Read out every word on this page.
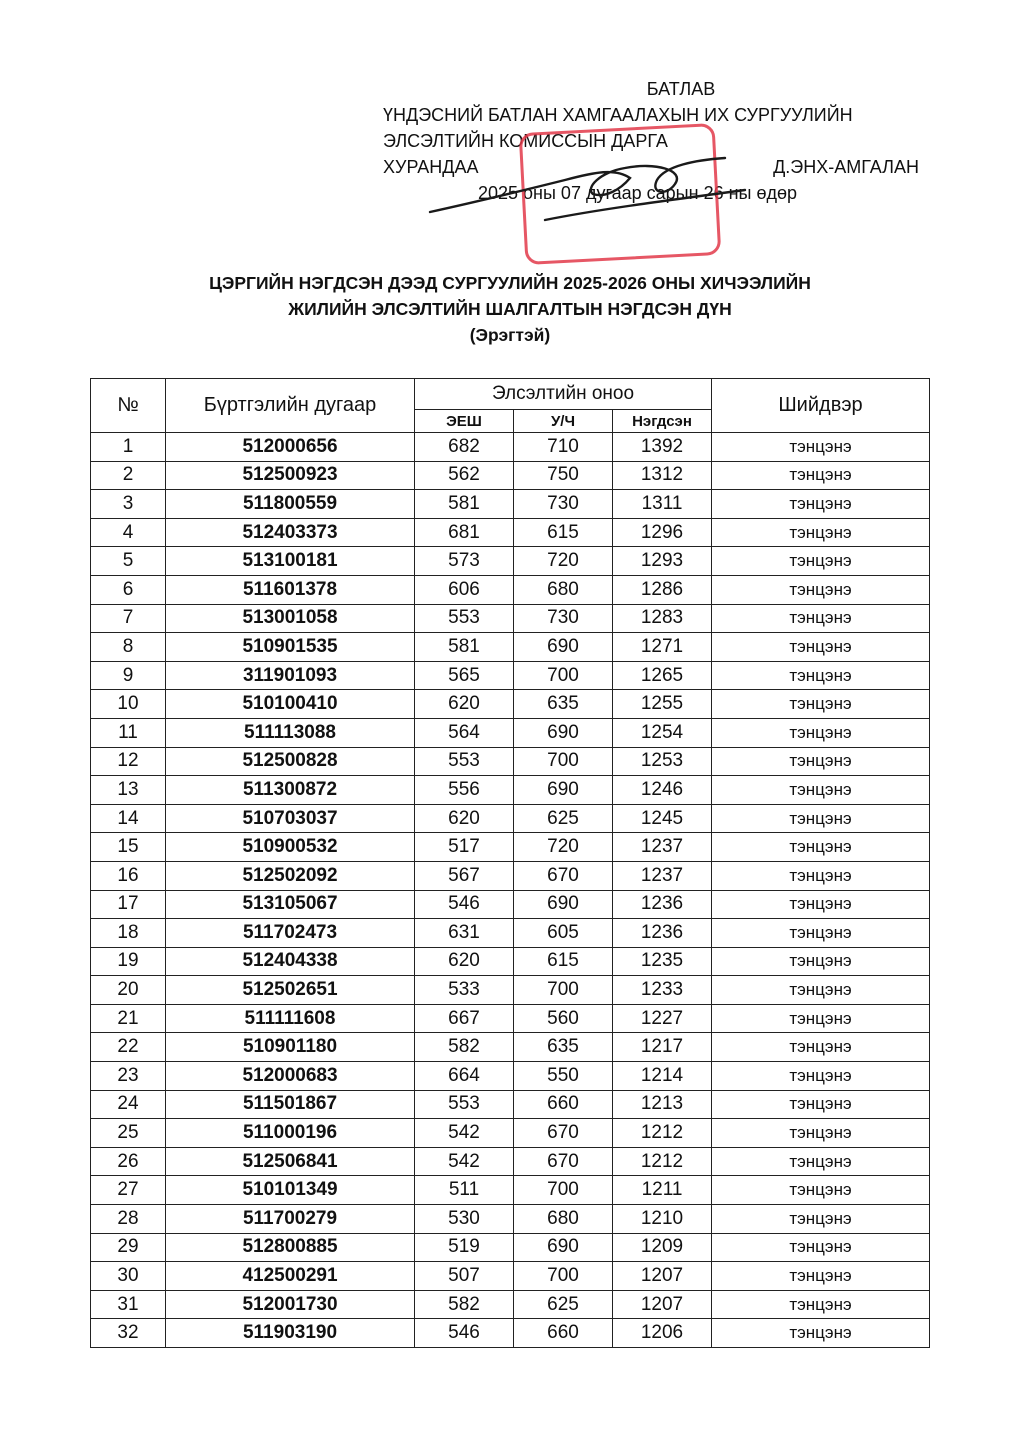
БАТЛАВ
ҮНДЭСНИЙ БАТЛАН ХАМГААЛАХЫН ИХ СУРГУУЛИЙН
ЭЛСЭЛТИЙН КОМИССЫН ДАРГА
ХУРАНДАА	Д.ЭНХ-АМГАЛАН
2025 оны 07 дугаар сарын 26 ны өдөр
ЦЭРГИЙН НЭГДСЭН ДЭЭД СУРГУУЛИЙН 2025-2026 ОНЫ ХИЧЭЭЛИЙН
ЖИЛИЙН ЭЛСЭЛТИЙН ШАЛГАЛТЫН НЭГДСЭН ДҮН
(Эрэгтэй)
№	Бүртгэлийн дугаар	Элсэлтийн оноо			Шийдвэр
		ЭЕШ	У/Ч	Нэгдсэн	
1	512000656	682	710	1392	тэнцэнэ
2	512500923	562	750	1312	тэнцэнэ
3	511800559	581	730	1311	тэнцэнэ
4	512403373	681	615	1296	тэнцэнэ
5	513100181	573	720	1293	тэнцэнэ
6	511601378	606	680	1286	тэнцэнэ
7	513001058	553	730	1283	тэнцэнэ
8	510901535	581	690	1271	тэнцэнэ
9	311901093	565	700	1265	тэнцэнэ
10	510100410	620	635	1255	тэнцэнэ
11	511113088	564	690	1254	тэнцэнэ
12	512500828	553	700	1253	тэнцэнэ
13	511300872	556	690	1246	тэнцэнэ
14	510703037	620	625	1245	тэнцэнэ
15	510900532	517	720	1237	тэнцэнэ
16	512502092	567	670	1237	тэнцэнэ
17	513105067	546	690	1236	тэнцэнэ
18	511702473	631	605	1236	тэнцэнэ
19	512404338	620	615	1235	тэнцэнэ
20	512502651	533	700	1233	тэнцэнэ
21	511111608	667	560	1227	тэнцэнэ
22	510901180	582	635	1217	тэнцэнэ
23	512000683	664	550	1214	тэнцэнэ
24	511501867	553	660	1213	тэнцэнэ
25	511000196	542	670	1212	тэнцэнэ
26	512506841	542	670	1212	тэнцэнэ
27	510101349	511	700	1211	тэнцэнэ
28	511700279	530	680	1210	тэнцэнэ
29	512800885	519	690	1209	тэнцэнэ
30	412500291	507	700	1207	тэнцэнэ
31	512001730	582	625	1207	тэнцэнэ
32	511903190	546	660	1206	тэнцэнэ
